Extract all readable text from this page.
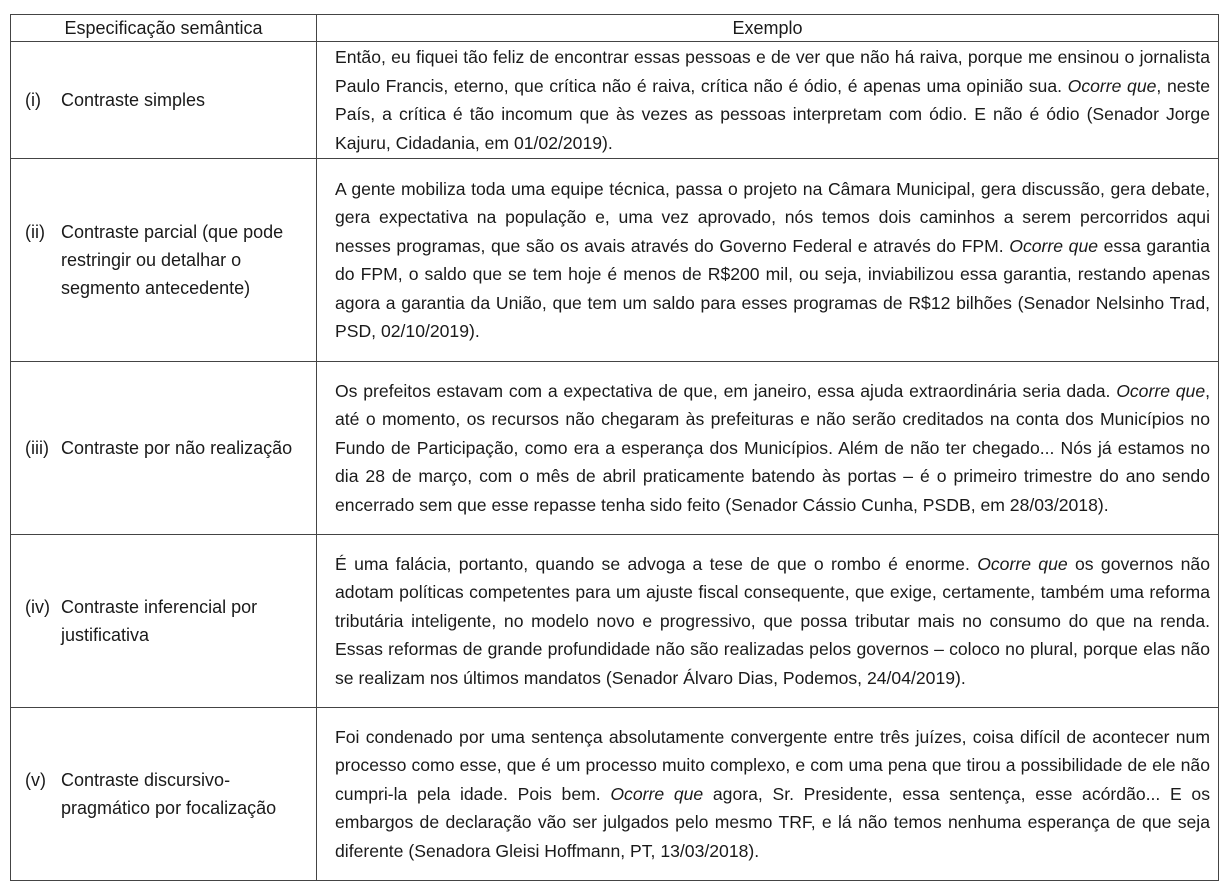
Especificação semântica	Exemplo

(i) Contraste simples	Então, eu fiquei tão feliz de encontrar essas pessoas e de ver que não há raiva, porque me ensinou o jornalista Paulo Francis, eterno, que crítica não é raiva, crítica não é ódio, é apenas uma opinião sua. Ocorre que, neste País, a crítica é tão incomum que às vezes as pessoas interpretam com ódio. E não é ódio (Senador Jorge Kajuru, Cidadania, em 01/02/2019).

(ii) Contraste parcial (que pode restringir ou detalhar o segmento antecedente)	A gente mobiliza toda uma equipe técnica, passa o projeto na Câmara Municipal, gera discussão, gera debate, gera expectativa na população e, uma vez aprovado, nós temos dois caminhos a serem percorridos aqui nesses programas, que são os avais através do Governo Federal e através do FPM. Ocorre que essa garantia do FPM, o saldo que se tem hoje é menos de R$200 mil, ou seja, inviabilizou essa garantia, restando apenas agora a garantia da União, que tem um saldo para esses programas de R$12 bilhões (Senador Nelsinho Trad, PSD, 02/10/2019).

(iii) Contraste por não realização	Os prefeitos estavam com a expectativa de que, em janeiro, essa ajuda extraordinária seria dada. Ocorre que, até o momento, os recursos não chegaram às prefeituras e não serão creditados na conta dos Municípios no Fundo de Participação, como era a esperança dos Municípios. Além de não ter chegado... Nós já estamos no dia 28 de março, com o mês de abril praticamente batendo às portas – é o primeiro trimestre do ano sendo encerrado sem que esse repasse tenha sido feito (Senador Cássio Cunha, PSDB, em 28/03/2018).

(iv) Contraste inferencial por justificativa	É uma falácia, portanto, quando se advoga a tese de que o rombo é enorme. Ocorre que os governos não adotam políticas competentes para um ajuste fiscal consequente, que exige, certamente, também uma reforma tributária inteligente, no modelo novo e progressivo, que possa tributar mais no consumo do que na renda. Essas reformas de grande profundidade não são realizadas pelos governos – coloco no plural, porque elas não se realizam nos últimos mandatos (Senador Álvaro Dias, Podemos, 24/04/2019).

(v) Contraste discursivo-pragmático por focalização	Foi condenado por uma sentença absolutamente convergente entre três juízes, coisa difícil de acontecer num processo como esse, que é um processo muito complexo, e com uma pena que tirou a possibilidade de ele não cumpri-la pela idade. Pois bem. Ocorre que agora, Sr. Presidente, essa sentença, esse acórdão... E os embargos de declaração vão ser julgados pelo mesmo TRF, e lá não temos nenhuma esperança de que seja diferente (Senadora Gleisi Hoffmann, PT, 13/03/2018).
